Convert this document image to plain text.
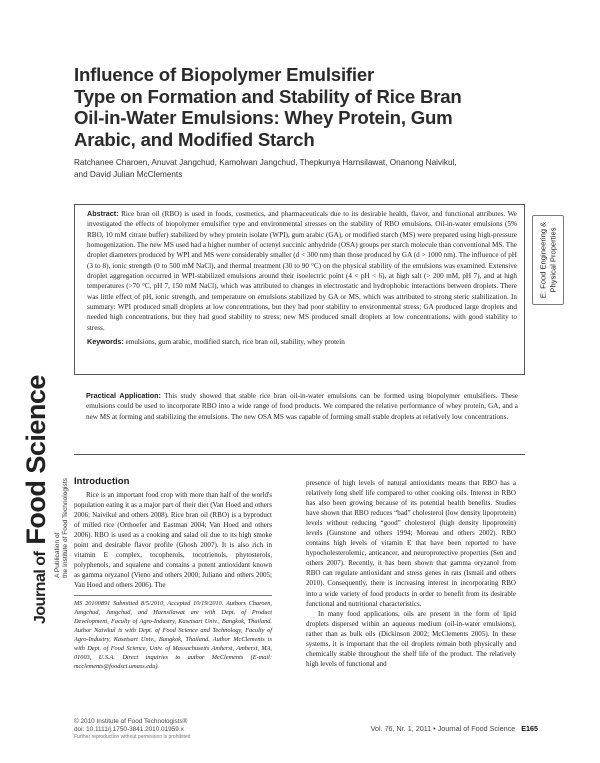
Influence of Biopolymer Emulsifier
Type on Formation and Stability of Rice Bran
Oil-in-Water Emulsions: Whey Protein, Gum
Arabic, and Modified Starch
Ratchanee Charoen, Anuvat Jangchud, Kamolwan Jangchud, Thepkunya Harnsilawat, Onanong Naivikul,
and David Julian McClements
E: Food Engineering & Physical Properties
Abstract: Rice bran oil (RBO) is used in foods, cosmetics, and pharmaceuticals due to its desirable health, flavor, and functional attributes. We investigated the effects of biopolymer emulsifier type and environmental stresses on the stability of RBO emulsions. Oil-in-water emulsions (5% RBO, 10 mM citrate buffer) stabilized by whey protein isolate (WPI), gum arabic (GA), or modified starch (MS) were prepared using high-pressure homogenization. The new MS used had a higher number of octenyl succinic anhydride (OSA) groups per starch molecule than conventional MS. The droplet diameters produced by WPI and MS were considerably smaller (d < 300 nm) than those produced by GA (d > 1000 nm). The influence of pH (3 to 8), ionic strength (0 to 500 mM NaCl), and thermal treatment (30 to 90 °C) on the physical stability of the emulsions was examined. Extensive droplet aggregation occurred in WPI-stabilized emulsions around their isoelectric point (4 < pH < 6), at high salt (> 200 mM, pH 7), and at high temperatures (>70 °C, pH 7, 150 mM NaCl), which was attributed to changes in electrostatic and hydrophobic interactions between droplets. There was little effect of pH, ionic strength, and temperature on emulsions stabilized by GA or MS, which was attributed to strong steric stabilization. In summary: WPI produced small droplets at low concentrations, but they had poor stability to environmental stress; GA produced large droplets and needed high concentrations, but they had good stability to stress; new MS produced small droplets at low concentrations, with good stability to stress.
Keywords: emulsions, gum arabic, modified starch, rice bran oil, stability, whey protein
Practical Application: This study showed that stable rice bran oil-in-water emulsions can be formed using biopolymer emulsifiers. These emulsions could be used to incorporate RBO into a wide range of food products. We compared the relative performance of whey protein, GA, and a new MS at forming and stabilizing the emulsions. The new OSA MS was capable of forming small stable droplets at relatively low concentrations.
Journal of Food Science
A Publication of the Institute of Food Technologists Introduction

Rice is an important food crop with more than half of the world's population eating it as a major part of their diet (Van Hoed and others 2006; Naivikul and others 2008). Rice bran oil (RBO) is a byproduct of milled rice (Orthoefer and Eastman 2004; Van Hoed and others 2006). RBO is used as a cooking and salad oil due to its high smoke point and desirable flavor profile (Ghosh 2007). It is also rich in vitamin E complex, tocopherols, tocotrienols, phytosterols, polyphenols, and squalene and contains a potent antioxidant known as gamma oryzanol (Vieno and others 2000; Juliano and others 2005; Van Hoed and others 2006). The

MS 20100891 Submitted 8/5/2010, Accepted 10/19/2010. Authors Charoen, Jangchud, Jangchud, and Harnsilawat are with Dept. of Product Development, Faculty of Agro-Industry, Kasetsart Univ., Bangkok, Thailand. Author Naivikul is with Dept. of Food Science and Technology, Faculty of Agro-Industry, Kasetsart Univ., Bangkok, Thailand. Author McClements is with Dept. of Food Science, Univ. of Massachusetts Amherst, Amherst, MA, 01003, U.S.A. Direct inquiries to author McClements (E-mail: mcclements@foodsci.umass.edu).

presence of high levels of natural antioxidants means that RBO has a relatively long shelf life compared to other cooking oils. Interest in RBO has also been growing because of its potential health benefits. Studies have shown that RBO reduces “bad” cholesterol (low density lipoprotein) levels without reducing “good” cholesterol (high density lipoprotein) levels (Gunstone and others 1994; Moreau and others 2002). RBO contains high levels of vitamin E that have been reported to have hypocholesterolemic, anticancer, and neuroprotective properties (Sen and others 2007). Recently, it has been shown that gamma oryzanol from RBO can regulate antioxidant and stress genes in rats (Ismail and others 2010). Consequently, there is increasing interest in incorporating RBO into a wide variety of food products in order to benefit from its desirable functional and nutritional characteristics.

In many food applications, oils are present in the form of lipid droplets dispersed within an aqueous medium (oil-in-water emulsions), rather than as bulk oils (Dickinson 2002; McClements 2005). In these systems, it is important that the oil droplets remain both physically and chemically stable throughout the shelf life of the product. The relatively high levels of functional and

© 2010 Institute of Food Technologists®
doi: 10.1111/j.1750-3841.2010.01959.x
Further reproduction without permission is prohibited
Vol. 76, Nr. 1, 2011 • Journal of Food Science E165
